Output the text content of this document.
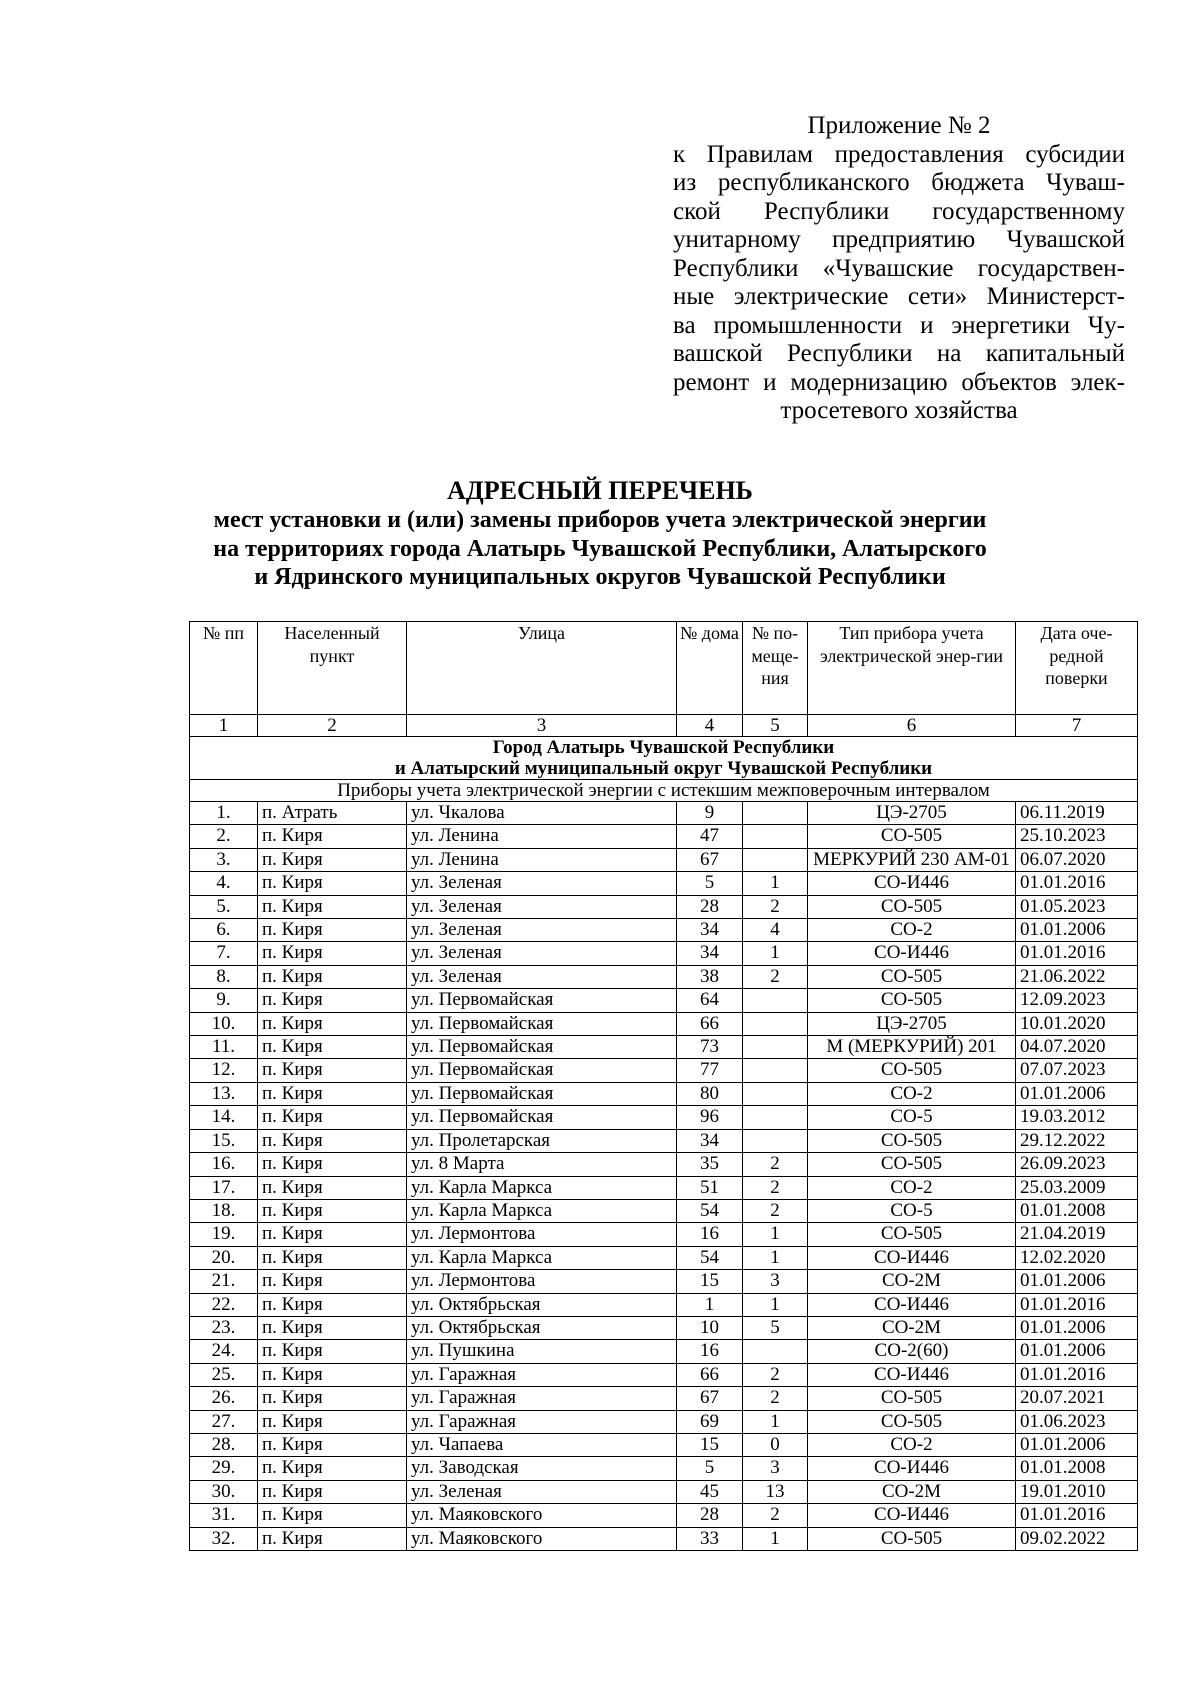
Приложение № 2
к Правилам предоставления субсидии
из республиканского бюджета Чуваш-
ской Республики государственному
унитарному предприятию Чувашской
Республики «Чувашские государствен-
ные электрические сети» Министерст-
ва промышленности и энергетики Чу-
вашской Республики на капитальный
ремонт и модернизацию объектов элек-
тросетевого хозяйства
АДРЕСНЫЙ ПЕРЕЧЕНЬ
мест установки и (или) замены приборов учета электрической энергии
на территориях города Алатырь Чувашской Республики, Алатырского
и Ядринского муниципальных округов Чувашской Республики
№ пп	Населенный пункт	Улица	№ дома	№ по-меще-ния	Тип прибора учета электрической энер-гии	Дата оче-редной поверки
1	2	3	4	5	6	7

Город Алатырь Чувашской Республики
и Алатырский муниципальный округ Чувашской Республики						

Приборы учета электрической энергии с истекшим межповерочным интервалом						
1.	п. Атрать	ул. Чкалова	9		ЦЭ-2705	06.11.2019
2.	п. Киря	ул. Ленина	47		СО-505	25.10.2023
3.	п. Киря	ул. Ленина	67		МЕРКУРИЙ 230 АМ-01	06.07.2020
4.	п. Киря	ул. Зеленая	5	1	СО-И446	01.01.2016
5.	п. Киря	ул. Зеленая	28	2	СО-505	01.05.2023
6.	п. Киря	ул. Зеленая	34	4	СО-2	01.01.2006
7.	п. Киря	ул. Зеленая	34	1	СО-И446	01.01.2016
8.	п. Киря	ул. Зеленая	38	2	СО-505	21.06.2022
9.	п. Киря	ул. Первомайская	64		СО-505	12.09.2023
10.	п. Киря	ул. Первомайская	66		ЦЭ-2705	10.01.2020
11.	п. Киря	ул. Первомайская	73		М (МЕРКУРИЙ) 201	04.07.2020
12.	п. Киря	ул. Первомайская	77		СО-505	07.07.2023
13.	п. Киря	ул. Первомайская	80		СО-2	01.01.2006
14.	п. Киря	ул. Первомайская	96		СО-5	19.03.2012
15.	п. Киря	ул. Пролетарская	34		СО-505	29.12.2022
16.	п. Киря	ул. 8 Марта	35	2	СО-505	26.09.2023
17.	п. Киря	ул. Карла Маркса	51	2	СО-2	25.03.2009
18.	п. Киря	ул. Карла Маркса	54	2	СО-5	01.01.2008
19.	п. Киря	ул. Лермонтова	16	1	СО-505	21.04.2019
20.	п. Киря	ул. Карла Маркса	54	1	СО-И446	12.02.2020
21.	п. Киря	ул. Лермонтова	15	3	СО-2М	01.01.2006
22.	п. Киря	ул. Октябрьская	1	1	СО-И446	01.01.2016
23.	п. Киря	ул. Октябрьская	10	5	СО-2М	01.01.2006
24.	п. Киря	ул. Пушкина	16		СО-2(60)	01.01.2006
25.	п. Киря	ул. Гаражная	66	2	СО-И446	01.01.2016
26.	п. Киря	ул. Гаражная	67	2	СО-505	20.07.2021
27.	п. Киря	ул. Гаражная	69	1	СО-505	01.06.2023
28.	п. Киря	ул. Чапаева	15	0	СО-2	01.01.2006
29.	п. Киря	ул. Заводская	5	3	СО-И446	01.01.2008
30.	п. Киря	ул. Зеленая	45	13	СО-2М	19.01.2010
31.	п. Киря	ул. Маяковского	28	2	СО-И446	01.01.2016
32.	п. Киря	ул. Маяковского	33	1	СО-505	09.02.2022
